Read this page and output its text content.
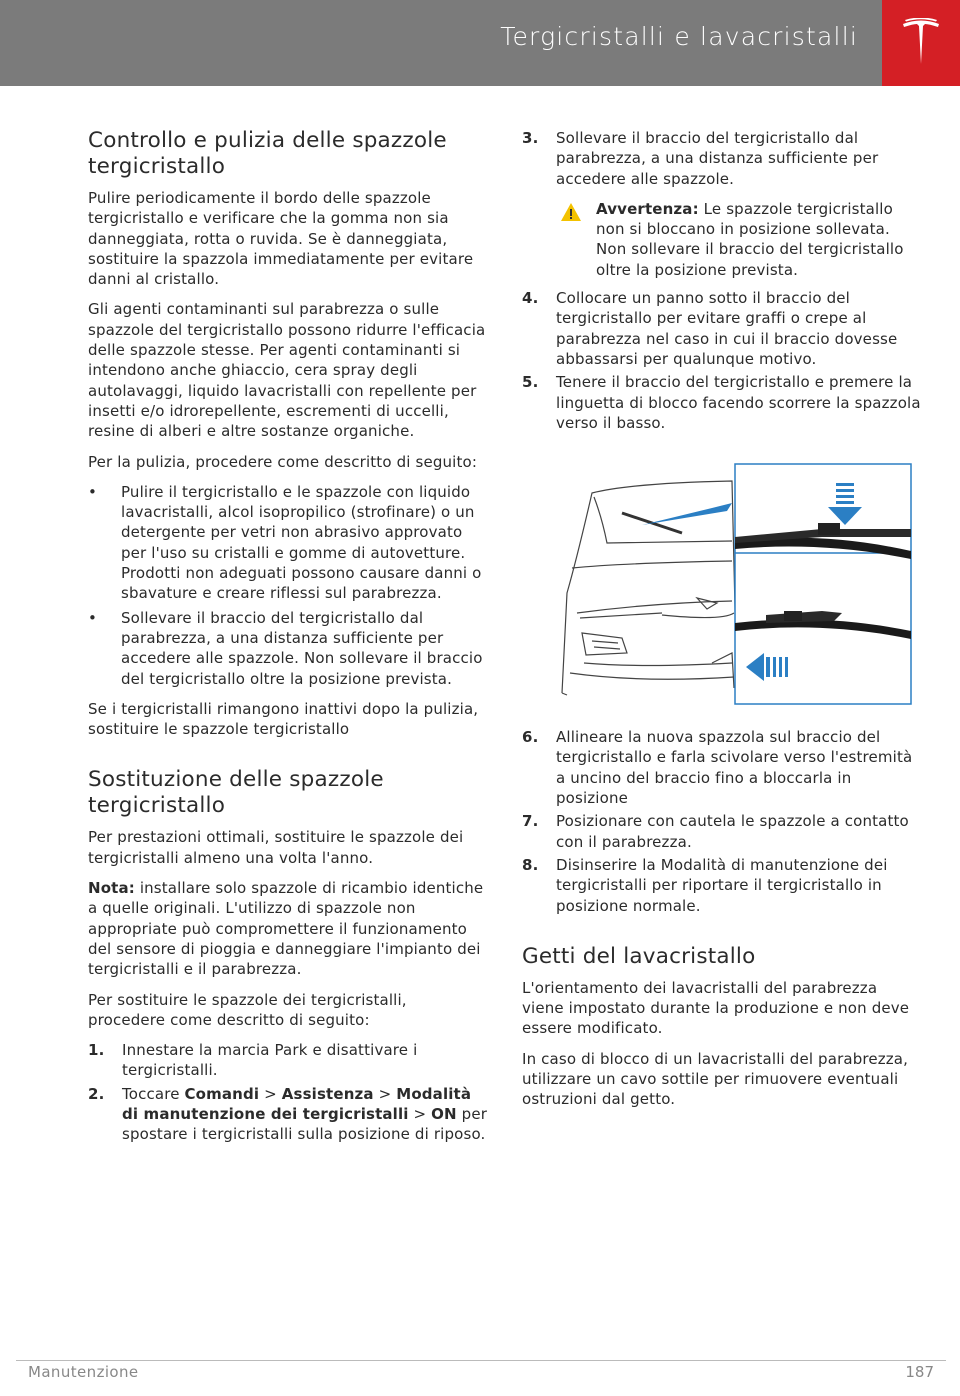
Tergicristalli e lavacristalli
Controllo e pulizia delle spazzole tergicristallo

Pulire periodicamente il bordo delle spazzole tergicristallo e verificare che la gomma non sia danneggiata, rotta o ruvida. Se è danneggiata, sostituire la spazzola immediatamente per evitare danni al cristallo.

Gli agenti contaminanti sul parabrezza o sulle spazzole del tergicristallo possono ridurre l'efficacia delle spazzole stesse. Per agenti contaminanti si intendono anche ghiaccio, cera spray degli autolavaggi, liquido lavacristalli con repellente per insetti e/o idrorepellente, escrementi di uccelli, resine di alberi e altre sostanze organiche.

Per la pulizia, procedere come descritto di seguito:

• Pulire il tergicristallo e le spazzole con liquido lavacristalli, alcol isopropilico (strofinare) o un detergente per vetri non abrasivo approvato per l'uso su cristalli e gomme di autovetture. Prodotti non adeguati possono causare danni o sbavature e creare riflessi sul parabrezza.
• Sollevare il braccio del tergicristallo dal parabrezza, a una distanza sufficiente per accedere alle spazzole. Non sollevare il braccio del tergicristallo oltre la posizione prevista.

Se i tergicristalli rimangono inattivi dopo la pulizia, sostituire le spazzole tergicristallo

Sostituzione delle spazzole tergicristallo

Per prestazioni ottimali, sostituire le spazzole dei tergicristalli almeno una volta l'anno.

Nota: installare solo spazzole di ricambio identiche a quelle originali. L'utilizzo di spazzole non appropriate può compromettere il funzionamento del sensore di pioggia e danneggiare l'impianto dei tergicristalli e il parabrezza.

Per sostituire le spazzole dei tergicristalli, procedere come descritto di seguito:

1. Innestare la marcia Park e disattivare i tergicristalli.
2. Toccare Comandi > Assistenza > Modalità di manutenzione dei tergicristalli > ON per spostare i tergicristalli sulla posizione di riposo.
3. Sollevare il braccio del tergicristallo dal parabrezza, a una distanza sufficiente per accedere alle spazzole.
Avvertenza: Le spazzole tergicristallo non si bloccano in posizione sollevata. Non sollevare il braccio del tergicristallo oltre la posizione prevista.
4. Collocare un panno sotto il braccio del tergicristallo per evitare graffi o crepe al parabrezza nel caso in cui il braccio dovesse abbassarsi per qualunque motivo.
5. Tenere il braccio del tergicristallo e premere la linguetta di blocco facendo scorrere la spazzola verso il basso.
6. Allineare la nuova spazzola sul braccio del tergicristallo e farla scivolare verso l'estremità a uncino del braccio fino a bloccarla in posizione
7. Posizionare con cautela le spazzole a contatto con il parabrezza.
8. Disinserire la Modalità di manutenzione dei tergicristalli per riportare il tergicristallo in posizione normale.
Getti del lavacristallo

L'orientamento dei lavacristalli del parabrezza viene impostato durante la produzione e non deve essere modificato.

In caso di blocco di un lavacristalli del parabrezza, utilizzare un cavo sottile per rimuovere eventuali ostruzioni dal getto.

Manutenzione	187
